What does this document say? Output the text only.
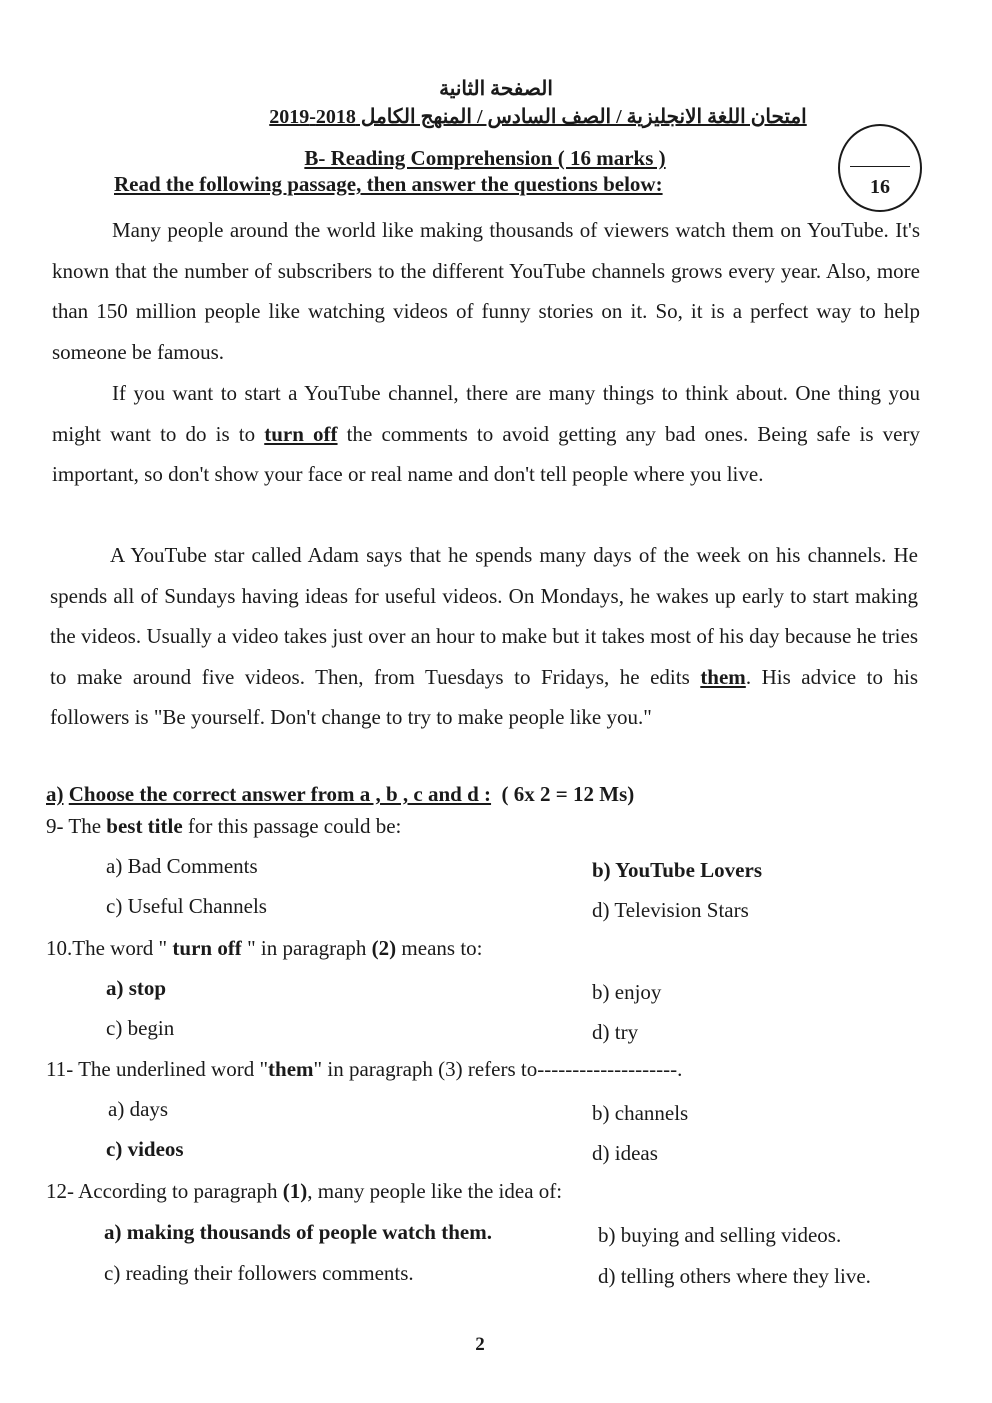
الصفحة الثانية
امتحان اللغة الانجليزية / الصف السادس / المنهج الكامل 2018-2019
16
B- Reading Comprehension ( 16 marks )
Read the following passage, then answer the questions below:
Many people around the world like making thousands of viewers watch them on YouTube. It's known that the number of subscribers to the different YouTube channels grows every year. Also, more than 150 million people like watching videos of funny stories on it. So, it is a perfect way to help someone be famous.
If you want to start a YouTube channel, there are many things to think about. One thing you might want to do is to turn off the comments to avoid getting any bad ones. Being safe is very important, so don't show your face or real name and don't tell people where you live.
A YouTube star called Adam says that he spends many days of the week on his channels. He spends all of Sundays having ideas for useful videos. On Mondays, he wakes up early to start making the videos. Usually a video takes just over an hour to make but it takes most of his day because he tries to make around five videos. Then, from Tuesdays to Fridays, he edits them. His advice to his followers is "Be yourself. Don't change to try to make people like you."
a) Choose the correct answer from a , b , c and d : ( 6x 2 = 12 Ms)
9- The best title for this passage could be:
a) Bad Comments	b) YouTube Lovers
c) Useful Channels	d) Television Stars
10.The word " turn off " in paragraph (2) means to:
a) stop	b) enjoy
c) begin	d) try
11- The underlined word "them" in paragraph (3) refers to--------------------.
a) days	b) channels
c) videos	d) ideas
12- According to paragraph (1), many people like the idea of:
a) making thousands of people watch them.	b) buying and selling videos.
c) reading their followers comments.	d) telling others where they live.
2
